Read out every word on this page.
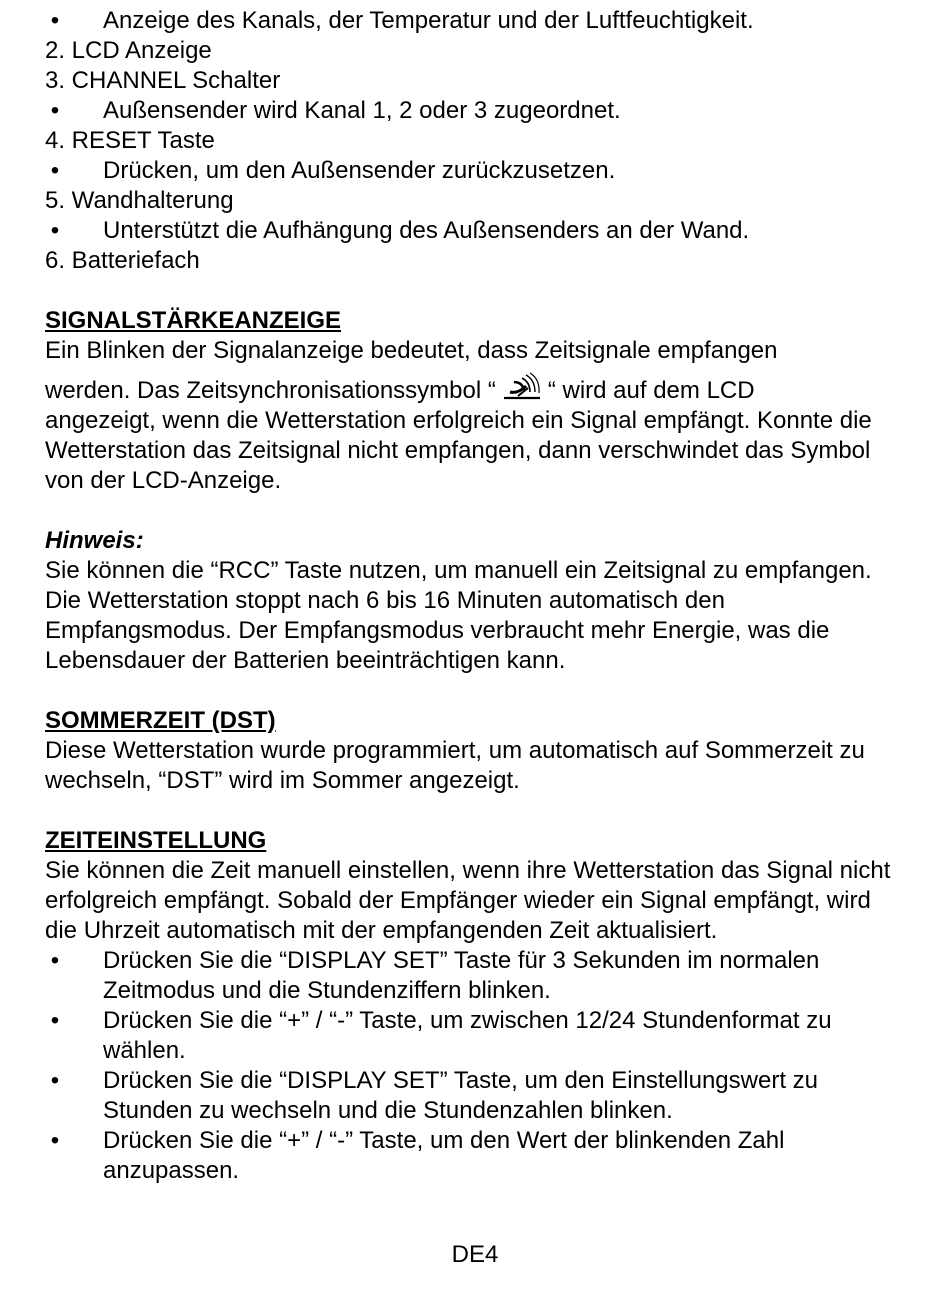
• Anzeige des Kanals, der Temperatur und der Luftfeuchtigkeit.
2. LCD Anzeige
3. CHANNEL Schalter
• Außensender wird Kanal 1, 2 oder 3 zugeordnet.
4. RESET Taste
• Drücken, um den Außensender zurückzusetzen.
5. Wandhalterung
• Unterstützt die Aufhängung des Außensenders an der Wand.
6. Batteriefach
SIGNALSTÄRKEANZEIGE
Ein Blinken der Signalanzeige bedeutet, dass Zeitsignale empfangen
werden. Das Zeitsynchronisationssymbol “ “ wird auf dem LCD
angezeigt, wenn die Wetterstation erfolgreich ein Signal empfängt. Konnte die Wetterstation das Zeitsignal nicht empfangen, dann verschwindet das Symbol von der LCD-Anzeige.
Hinweis:
Sie können die “RCC” Taste nutzen, um manuell ein Zeitsignal zu empfangen. Die Wetterstation stoppt nach 6 bis 16 Minuten automatisch den Empfangsmodus. Der Empfangsmodus verbraucht mehr Energie, was die Lebensdauer der Batterien beeinträchtigen kann.
SOMMERZEIT (DST)
Diese Wetterstation wurde programmiert, um automatisch auf Sommerzeit zu wechseln, “DST” wird im Sommer angezeigt.
ZEITEINSTELLUNG
Sie können die Zeit manuell einstellen, wenn ihre Wetterstation das Signal nicht erfolgreich empfängt. Sobald der Empfänger wieder ein Signal empfängt, wird die Uhrzeit automatisch mit der empfangenden Zeit aktualisiert.
• Drücken Sie die “DISPLAY SET” Taste für 3 Sekunden im normalen Zeitmodus und die Stundenziffern blinken.
• Drücken Sie die “+” / “-” Taste, um zwischen 12/24 Stundenformat zu wählen.
• Drücken Sie die “DISPLAY SET” Taste, um den Einstellungswert zu Stunden zu wechseln und die Stundenzahlen blinken.
• Drücken Sie die “+” / “-” Taste, um den Wert der blinkenden Zahl anzupassen.
DE4
